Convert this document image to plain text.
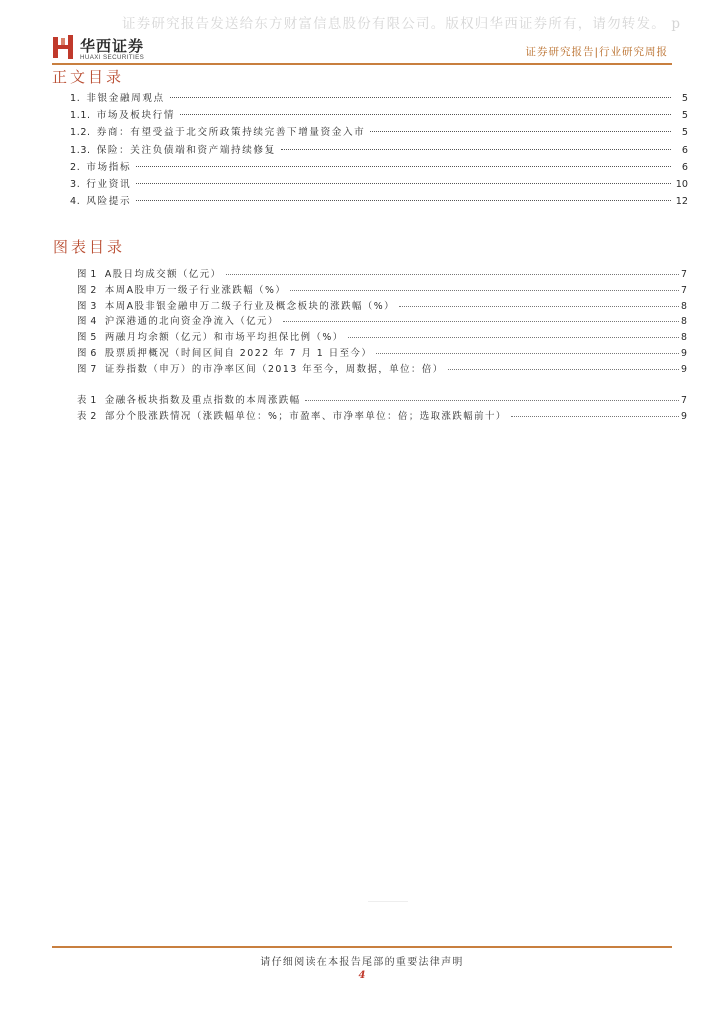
证券研究报告发送给东方财富信息股份有限公司。版权归华西证券所有，请勿转发。 p
华西证券
HUAXI SECURITIES	证券研究报告|行业研究周报
正文目录
1. 非银金融周观点	5
1.1. 市场及板块行情	5
1.2. 券商：有望受益于北交所政策持续完善下增量资金入市	5
1.3. 保险：关注负债端和资产端持续修复	6
2. 市场指标	6
3. 行业资讯	10
4. 风险提示	12
图表目录
图 1 A股日均成交额（亿元）	7
图 2 本周A股申万一级子行业涨跌幅（%）	7
图 3 本周A股非银金融申万二级子行业及概念板块的涨跌幅（%）	8
图 4 沪深港通的北向资金净流入（亿元）	8
图 5 两融月均余额（亿元）和市场平均担保比例（%）	8
图 6 股票质押概况（时间区间自 2022 年 7 月 1 日至今）	9
图 7 证券指数（申万）的市净率区间（2013 年至今，周数据，单位：倍）	9
表 1 金融各板块指数及重点指数的本周涨跌幅	7
表 2 部分个股涨跌情况（涨跌幅单位：%；市盈率、市净率单位：倍；选取涨跌幅前十）	9
请仔细阅读在本报告尾部的重要法律声明
4
